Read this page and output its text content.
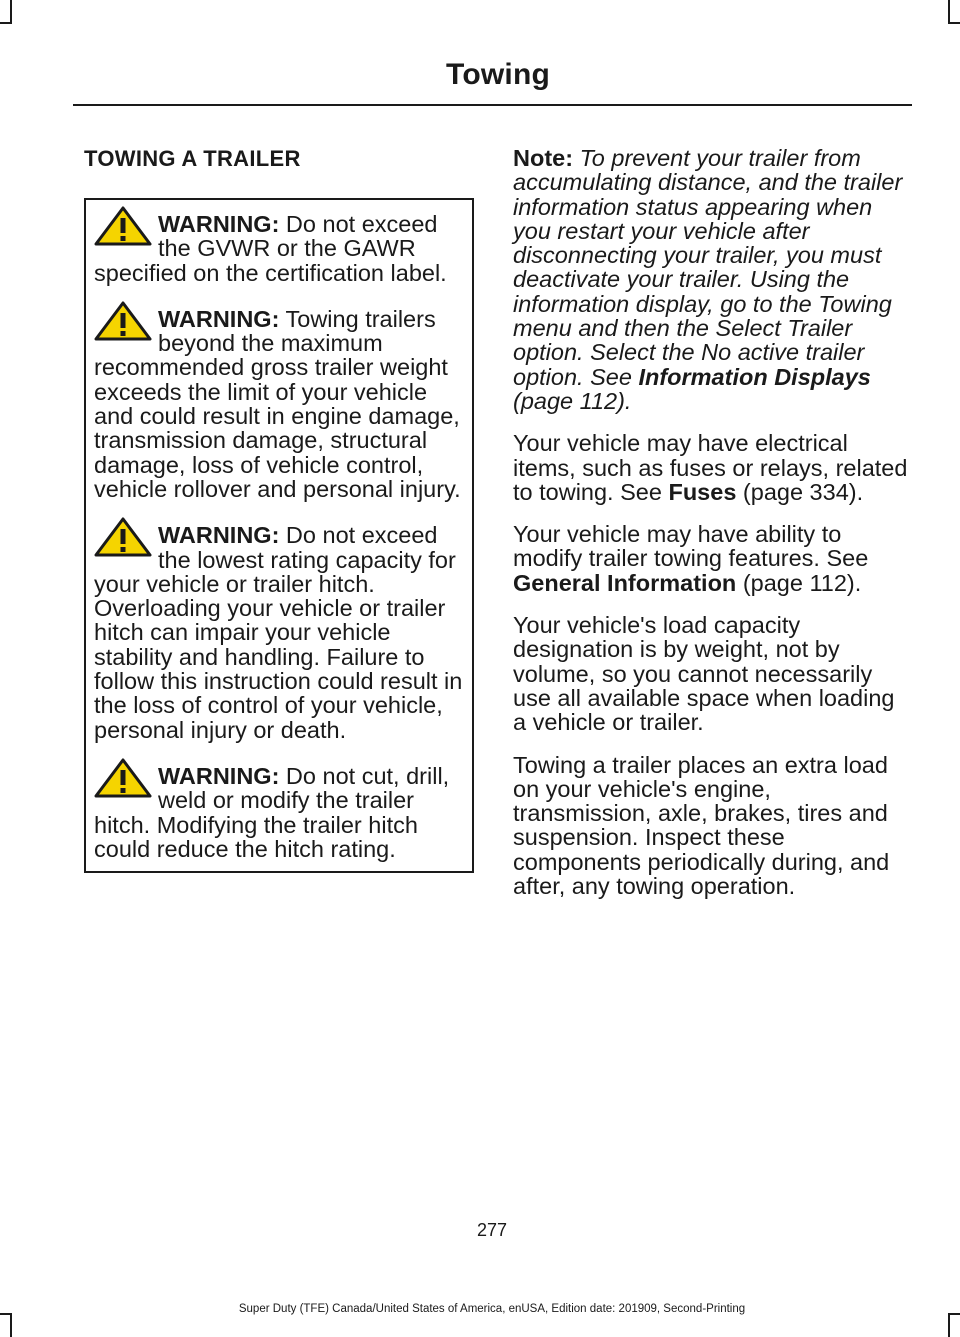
Towing
TOWING A TRAILER
WARNING: Do not exceed the GVWR or the GAWR specified on the certification label.
WARNING: Towing trailers beyond the maximum recommended gross trailer weight exceeds the limit of your vehicle and could result in engine damage, transmission damage, structural damage, loss of vehicle control, vehicle rollover and personal injury.
WARNING: Do not exceed the lowest rating capacity for your vehicle or trailer hitch. Overloading your vehicle or trailer hitch can impair your vehicle stability and handling. Failure to follow this instruction could result in the loss of control of your vehicle, personal injury or death.
WARNING: Do not cut, drill, weld or modify the trailer hitch. Modifying the trailer hitch could reduce the hitch rating.

Note: To prevent your trailer from accumulating distance, and the trailer information status appearing when you restart your vehicle after disconnecting your trailer, you must deactivate your trailer. Using the information display, go to the Towing menu and then the Select Trailer option. Select the No active trailer option. See Information Displays (page 112).

Your vehicle may have electrical items, such as fuses or relays, related to towing. See Fuses (page 334).

Your vehicle may have ability to modify trailer towing features. See General Information (page 112).

Your vehicle's load capacity designation is by weight, not by volume, so you cannot necessarily use all available space when loading a vehicle or trailer.

Towing a trailer places an extra load on your vehicle's engine, transmission, axle, brakes, tires and suspension. Inspect these components periodically during, and after, any towing operation.

277
Super Duty (TFE) Canada/United States of America, enUSA, Edition date: 201909, Second-Printing
